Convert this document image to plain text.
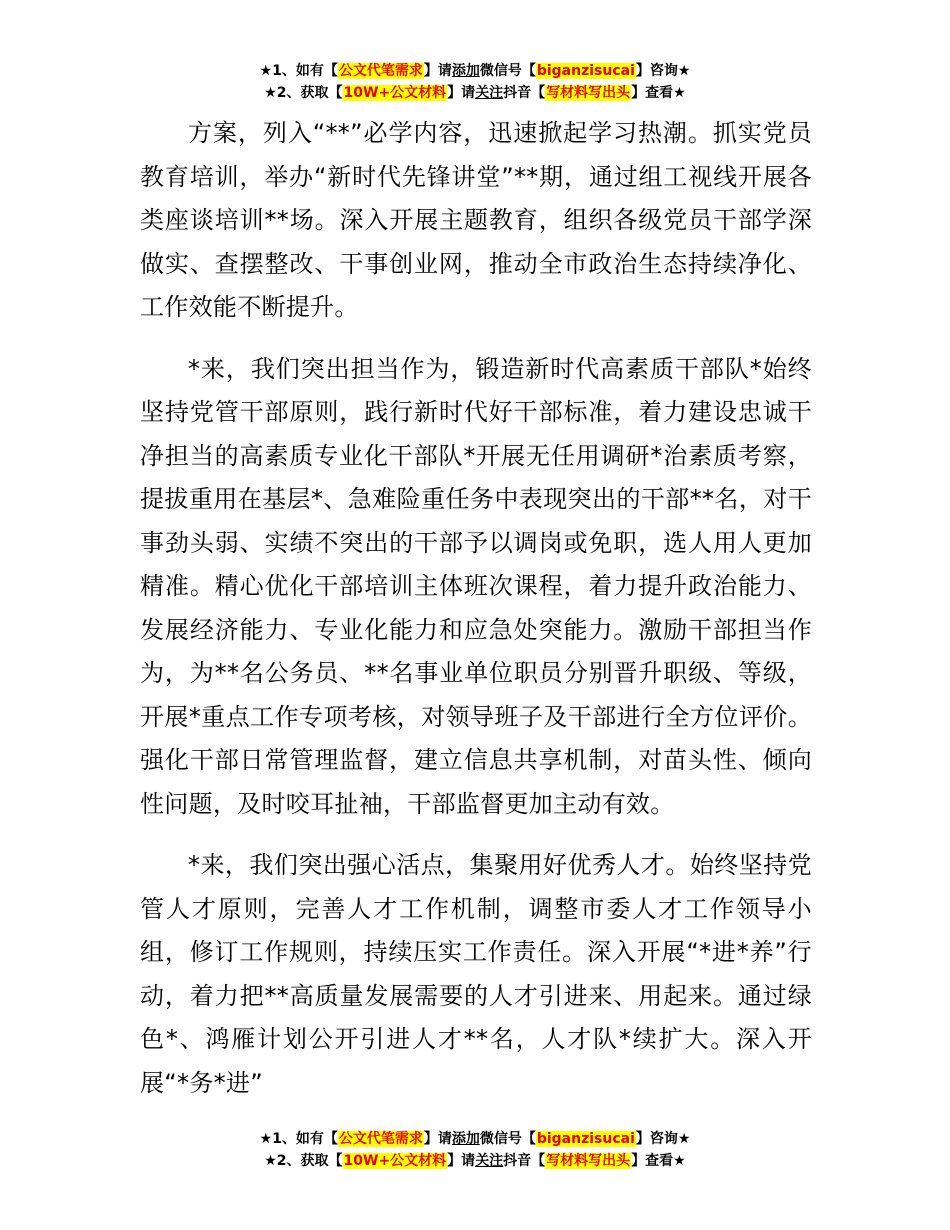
★1、如有【公文代笔需求】请添加微信号【biganzisucai】咨询★
★2、获取【10W+公文材料】请关注抖音【写材料写出头】查看★

方案，列入“**”必学内容，迅速掀起学习热潮。抓实党员教育培训，举办“新时代先锋讲堂”**期，通过组工视线开展各类座谈培训**场。深入开展主题教育，组织各级党员干部学深做实、查摆整改、干事创业网，推动全市政治生态持续净化、工作效能不断提升。

*来，我们突出担当作为，锻造新时代高素质干部队*始终坚持党管干部原则，践行新时代好干部标准，着力建设忠诚干净担当的高素质专业化干部队*开展无任用调研*治素质考察，提拔重用在基层*、急难险重任务中表现突出的干部**名，对干事劲头弱、实绩不突出的干部予以调岗或免职，选人用人更加精准。精心优化干部培训主体班次课程，着力提升政治能力、发展经济能力、专业化能力和应急处突能力。激励干部担当作为，为**名公务员、**名事业单位职员分别晋升职级、等级，开展*重点工作专项考核，对领导班子及干部进行全方位评价。强化干部日常管理监督，建立信息共享机制，对苗头性、倾向性问题，及时咬耳扯袖，干部监督更加主动有效。

*来，我们突出强心活点，集聚用好优秀人才。始终坚持党管人才原则，完善人才工作机制，调整市委人才工作领导小组，修订工作规则，持续压实工作责任。深入开展“*进*养”行动，着力把**高质量发展需要的人才引进来、用起来。通过绿色*、鸿雁计划公开引进人才**名，人才队*续扩大。深入开展“*务*进”

★1、如有【公文代笔需求】请添加微信号【biganzisucai】咨询★
★2、获取【10W+公文材料】请关注抖音【写材料写出头】查看★
